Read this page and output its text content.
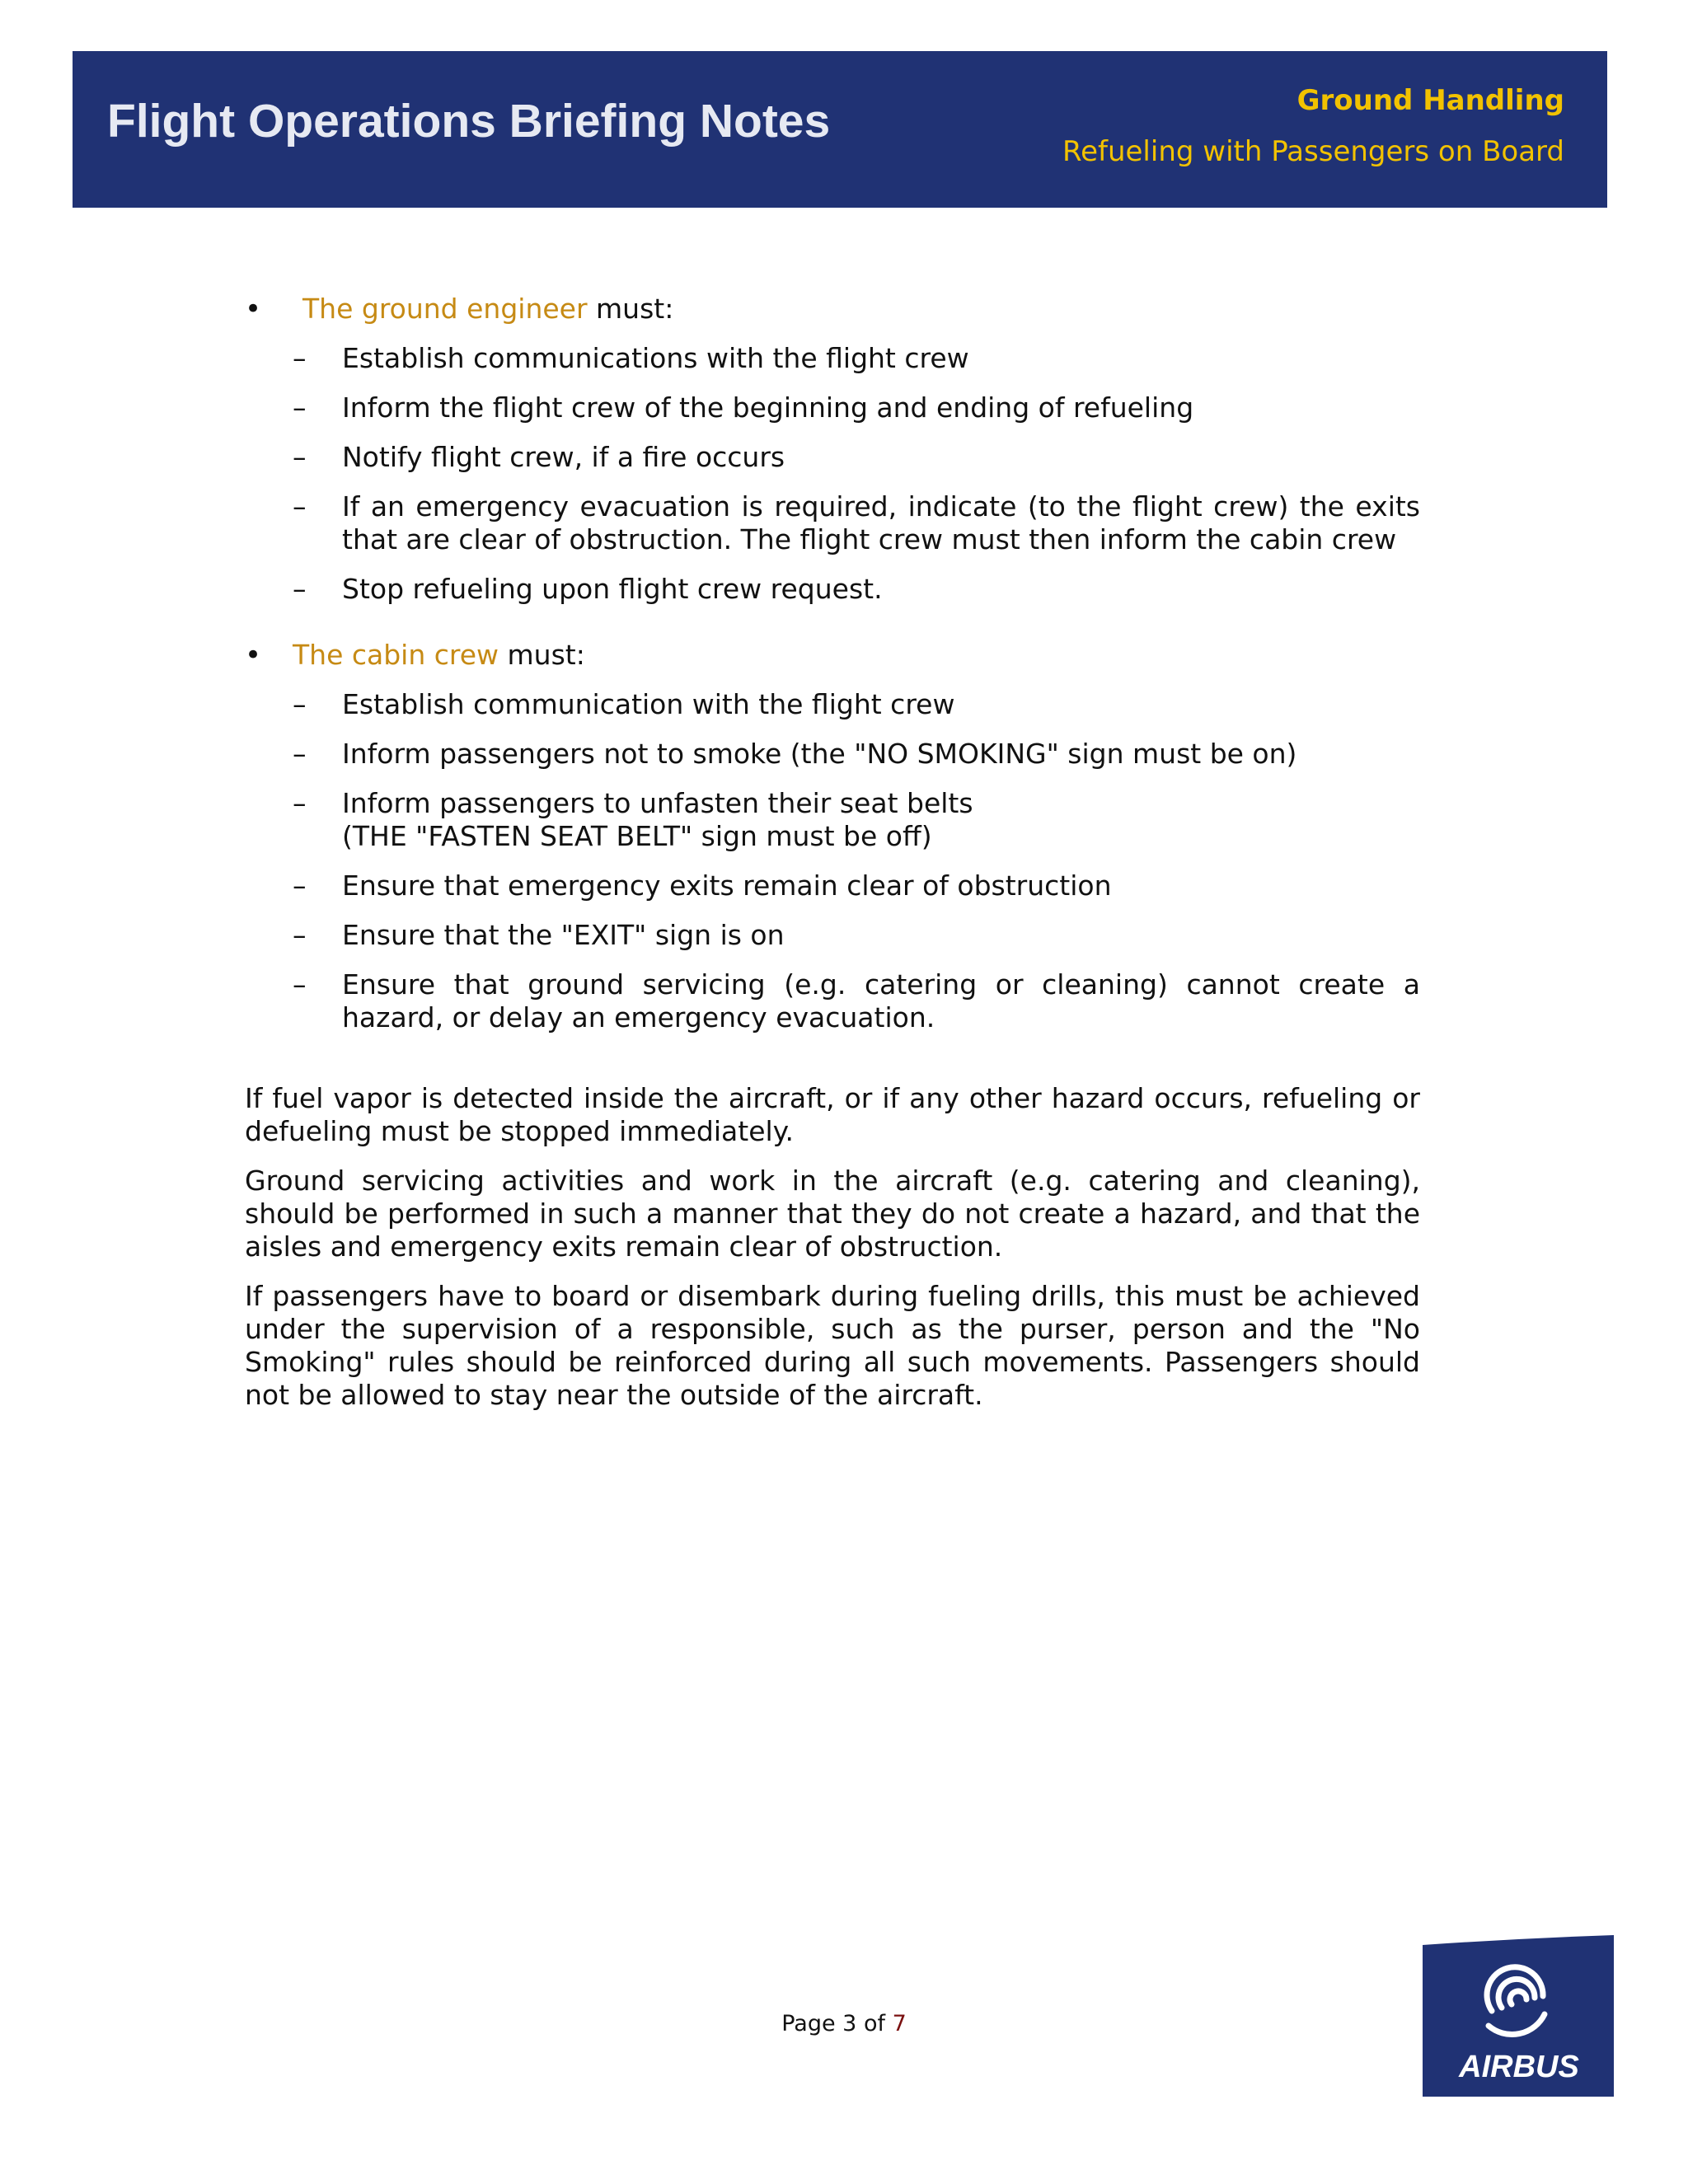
Flight Operations Briefing Notes	Ground Handling
Refueling with Passengers on Board
• The ground engineer must:
– Establish communications with the flight crew
– Inform the flight crew of the beginning and ending of refueling
– Notify flight crew, if a fire occurs
– If an emergency evacuation is required, indicate (to the flight crew) the exits that are clear of obstruction. The flight crew must then inform the cabin crew
– Stop refueling upon flight crew request.
• The cabin crew must:
– Establish communication with the flight crew
– Inform passengers not to smoke (the "NO SMOKING" sign must be on)
– Inform passengers to unfasten their seat belts
(THE "FASTEN SEAT BELT" sign must be off)
– Ensure that emergency exits remain clear of obstruction
– Ensure that the "EXIT" sign is on
– Ensure that ground servicing (e.g. catering or cleaning) cannot create a hazard, or delay an emergency evacuation.

If fuel vapor is detected inside the aircraft, or if any other hazard occurs, refueling or defueling must be stopped immediately.

Ground servicing activities and work in the aircraft (e.g. catering and cleaning), should be performed in such a manner that they do not create a hazard, and that the aisles and emergency exits remain clear of obstruction.

If passengers have to board or disembark during fueling drills, this must be achieved under the supervision of a responsible, such as the purser, person and the "No Smoking" rules should be reinforced during all such movements. Passengers should not be allowed to stay near the outside of the aircraft.

Page 3 of 7
AIRBUS
